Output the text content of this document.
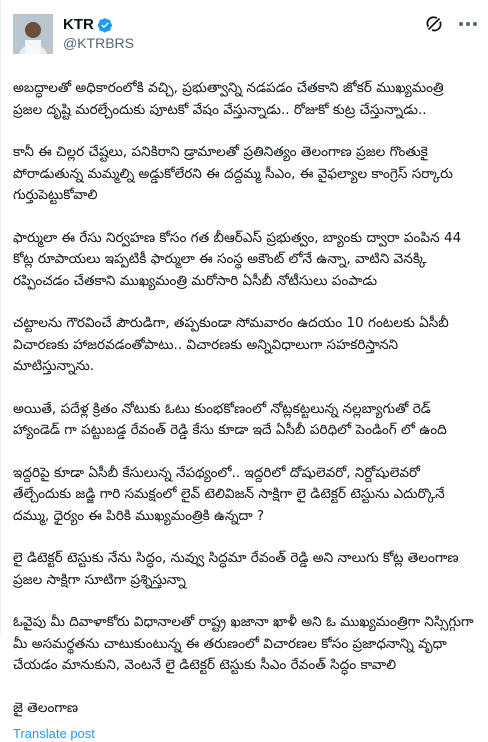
KTR
@KTRBRS

అబద్ధాలతో అధికారంలోకి వచ్చి, ప్రభుత్వాన్ని నడపడం చేతకాని జోకర్ ముఖ్యమంత్రి ప్రజల దృష్టి మరల్చేందుకు పూటకో వేషం వేస్తున్నాడు.. రోజుకో కుట్ర చేస్తున్నాడు..

కానీ ఈ చిల్లర చేష్టలు, పనికిరాని డ్రామాలతో ప్రతినిత్యం తెలంగాణ ప్రజల గొంతుకై పోరాడుతున్న మమ్మల్ని అడ్డుకోలేరని ఈ దద్దమ్మ సీఎం, ఈ వైఫల్యాల కాంగ్రెస్ సర్కారు గుర్తుపెట్టుకోవాలి

ఫార్ములా ఈ రేసు నిర్వహణ కోసం గత బీఆర్ఎస్ ప్రభుత్వం, బ్యాంకు ద్వారా పంపిన 44 కోట్ల రూపాయలు ఇప్పటికీ ఫార్ములా ఈ సంస్థ అకౌంట్ లోనే ఉన్నా, వాటిని వెనక్కి రప్పించడం చేతకాని ముఖ్యమంత్రి మరోసారి ఏసీబీ నోటీసులు పంపాడు

చట్టాలను గౌరవించే పౌరుడిగా, తప్పకుండా సోమవారం ఉదయం 10 గంటలకు ఏసీబీ విచారణకు హాజరవడంతోపాటు.. విచారణకు అన్నివిధాలుగా సహకరిస్తానని మాటిస్తున్నాను.

అయితే, పదేళ్ల క్రితం నోటుకు ఓటు కుంభకోణంలో నోట్లకట్టలున్న నల్లబ్యాగుతో రెడ్ హ్యాండెడ్ గా పట్టుబడ్డ రేవంత్ రెడ్డి కేసు కూడా ఇదే ఏసీబీ పరిధిలో పెండింగ్ లో ఉంది

ఇద్దరిపై కూడా ఏసీబీ కేసులున్న నేపథ్యంలో.. ఇద్దరిలో దోషులెవరో, నిర్దోషులెవరో తేల్చేందుకు జడ్జి గారి సమక్షంలో లైవ్ టెలివిజన్ సాక్షిగా లై డిటెక్టర్ టెస్టును ఎదుర్కొనే దమ్ము, ధైర్యం ఈ పిరికి ముఖ్యమంత్రికి ఉన్నదా ?

లై డిటెక్టర్ టెస్టుకు నేను సిద్ధం, నువ్వు సిద్ధమా రేవంత్ రెడ్డి అని నాలుగు కోట్ల తెలంగాణ ప్రజల సాక్షిగా సూటిగా ప్రశ్నిస్తున్నా

ఓవైపు మీ దివాళాకోరు విధానాలతో రాష్ట్ర ఖజానా ఖాళీ అని ఓ ముఖ్యమంత్రిగా నిస్సిగ్గుగా మీ అసమర్థతను చాటుకుంటున్న ఈ తరుణంలో విచారణల కోసం ప్రజాధనాన్ని వృధా చేయడం మానుకుని, వెంటనే లై డిటెక్టర్ టెస్టుకు సీఎం రేవంత్ సిద్ధం కావాలి

జై తెలంగాణ

Translate post
